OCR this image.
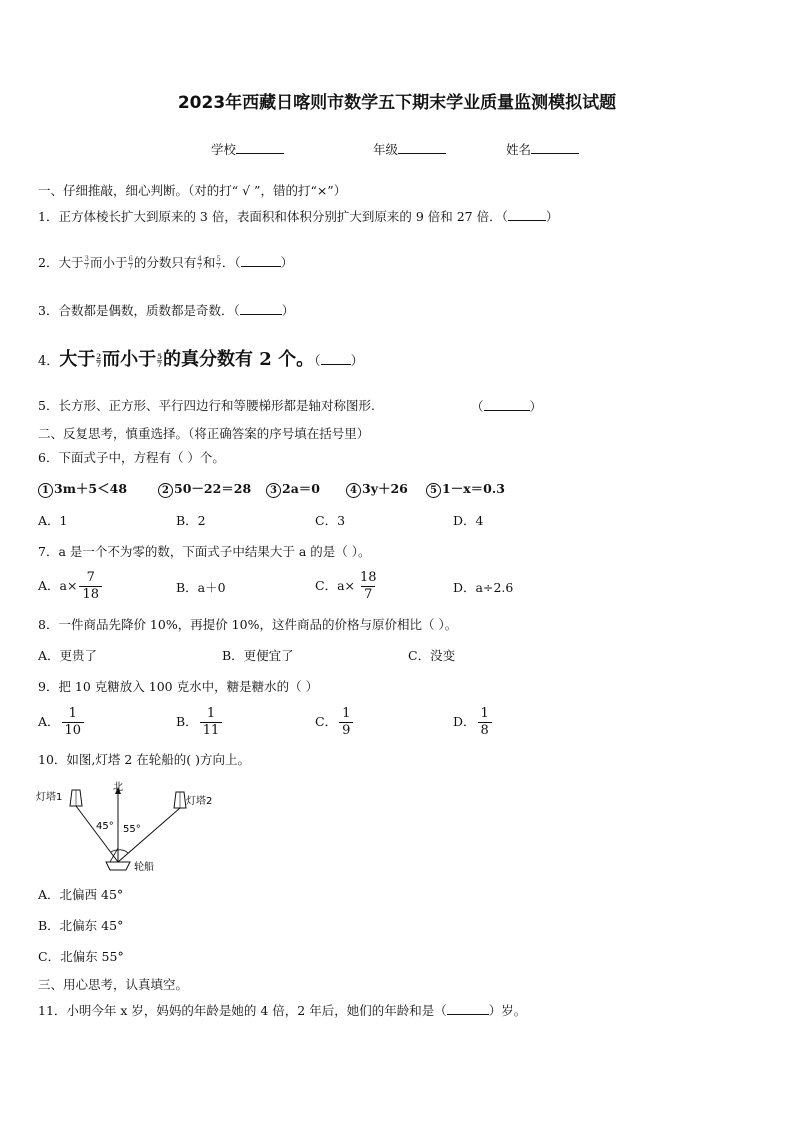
2023年西藏日喀则市数学五下期末学业质量监测模拟试题
学校	年级	姓名
一、仔细推敲，细心判断。（对的打“ √ ”，错的打“×”）
1．正方体棱长扩大到原来的 3 倍，表面积和体积分别扩大到原来的 9 倍和 27 倍．（	）
2．大于 $\frac{3}{7}$ 而小于 $\frac{6}{7}$ 的分数只有 $\frac{4}{7}$ 和 $\frac{5}{7}$ ．（	）
3．合数都是偶数，质数都是奇数．（	）
4．大于 $\frac{2}{7}$ 而小于 $\frac{5}{7}$ 的真分数有 2 个。（ ）
5．长方形、正方形、平行四边行和等腰梯形都是轴对称图形.	（	）
二、反复思考，慎重选择。（将正确答案的序号填在括号里）
6．下面式子中，方程有（ ）个。
1 3m＋5＜48	2 50－22＝28	3 2a＝0	4 3y＋26	5 1－x＝0.3
A．1	B．2	C．3	D．4
7．a 是一个不为零的数，下面式子中结果大于 a 的是（ ）。
A．$a\times \frac{7}{18}$	B．a＋0	C．$a\times \frac{18}{7}$	D．a÷2.6
8．一件商品先降价 10%，再提价 10%，这件商品的价格与原价相比（ ）。
A．更贵了	B．更便宜了	C．没变
9．把 10 克糖放入 100 克水中，糖是糖水的（ ）
A． $\frac{1}{10}$	B． $\frac{1}{11}$	C． $\frac{1}{9}$	D． $\frac{1}{8}$
10．如图,灯塔 2 在轮船的( )方向上。
北
灯塔1	灯塔2
45° 55°
轮船
A．北偏西 45°
B．北偏东 45°
C．北偏东 55°
三、用心思考，认真填空。
11．小明今年 x 岁，妈妈的年龄是她的 4 倍，2 年后，她们的年龄和是（	）岁。
